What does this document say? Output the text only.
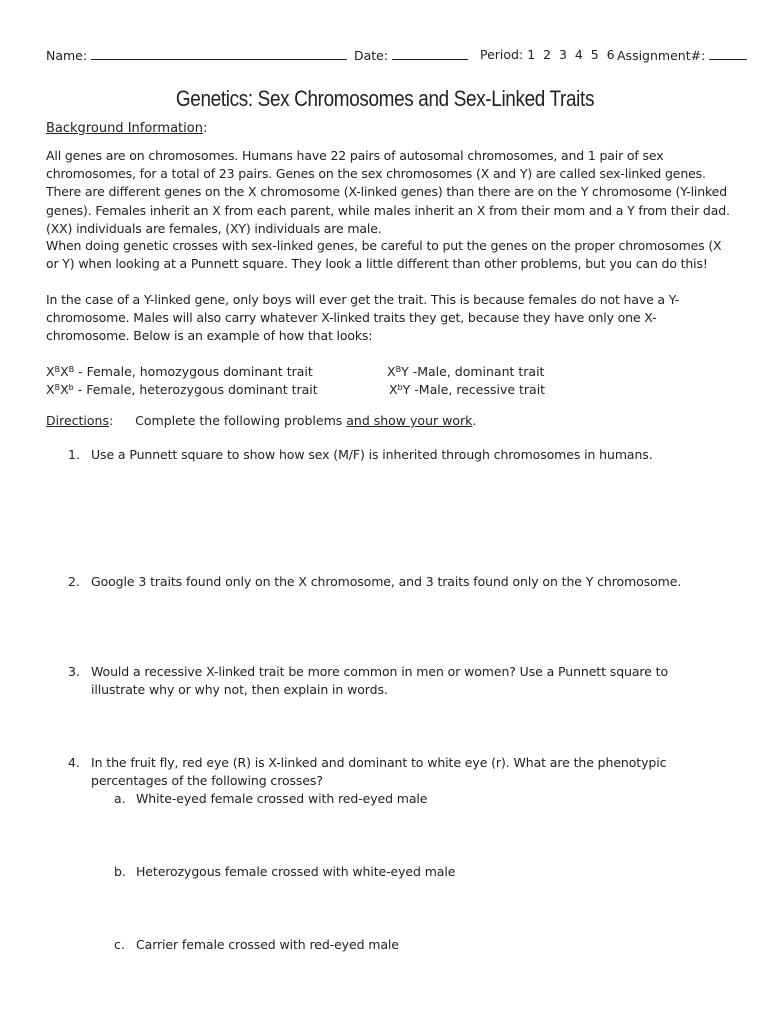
Name:	Date:	Period: 1  2  3  4  5  6 Assignment#:
Genetics: Sex Chromosomes and Sex-Linked Traits
Background Information:
All genes are on chromosomes. Humans have 22 pairs of autosomal chromosomes, and 1 pair of sex chromosomes, for a total of 23 pairs. Genes on the sex chromosomes (X and Y) are called sex-linked genes. There are different genes on the X chromosome (X-linked genes) than there are on the Y chromosome (Y-linked genes). Females inherit an X from each parent, while males inherit an X from their mom and a Y from their dad. (XX) individuals are females, (XY) individuals are male.
When doing genetic crosses with sex-linked genes, be careful to put the genes on the proper chromosomes (X or Y) when looking at a Punnett square. They look a little different than other problems, but you can do this!
In the case of a Y-linked gene, only boys will ever get the trait. This is because females do not have a Y-chromosome. Males will also carry whatever X-linked traits they get, because they have only one X-chromosome. Below is an example of how that looks:
$X^BX^B$ - Female, homozygous dominant trait
$X^BX^b$ - Female, heterozygous dominant trait
$X^BY$ -Male, dominant trait
$X^bY$ -Male, recessive trait
Directions: Complete the following problems and show your work.
1. Use a Punnett square to show how sex (M/F) is inherited through chromosomes in humans.
2. Google 3 traits found only on the X chromosome, and 3 traits found only on the Y chromosome.
3. Would a recessive X-linked trait be more common in men or women? Use a Punnett square to illustrate why or why not, then explain in words.
4. In the fruit fly, red eye (R) is X-linked and dominant to white eye (r). What are the phenotypic percentages of the following crosses?
a. White-eyed female crossed with red-eyed male
b. Heterozygous female crossed with white-eyed male
c. Carrier female crossed with red-eyed male
